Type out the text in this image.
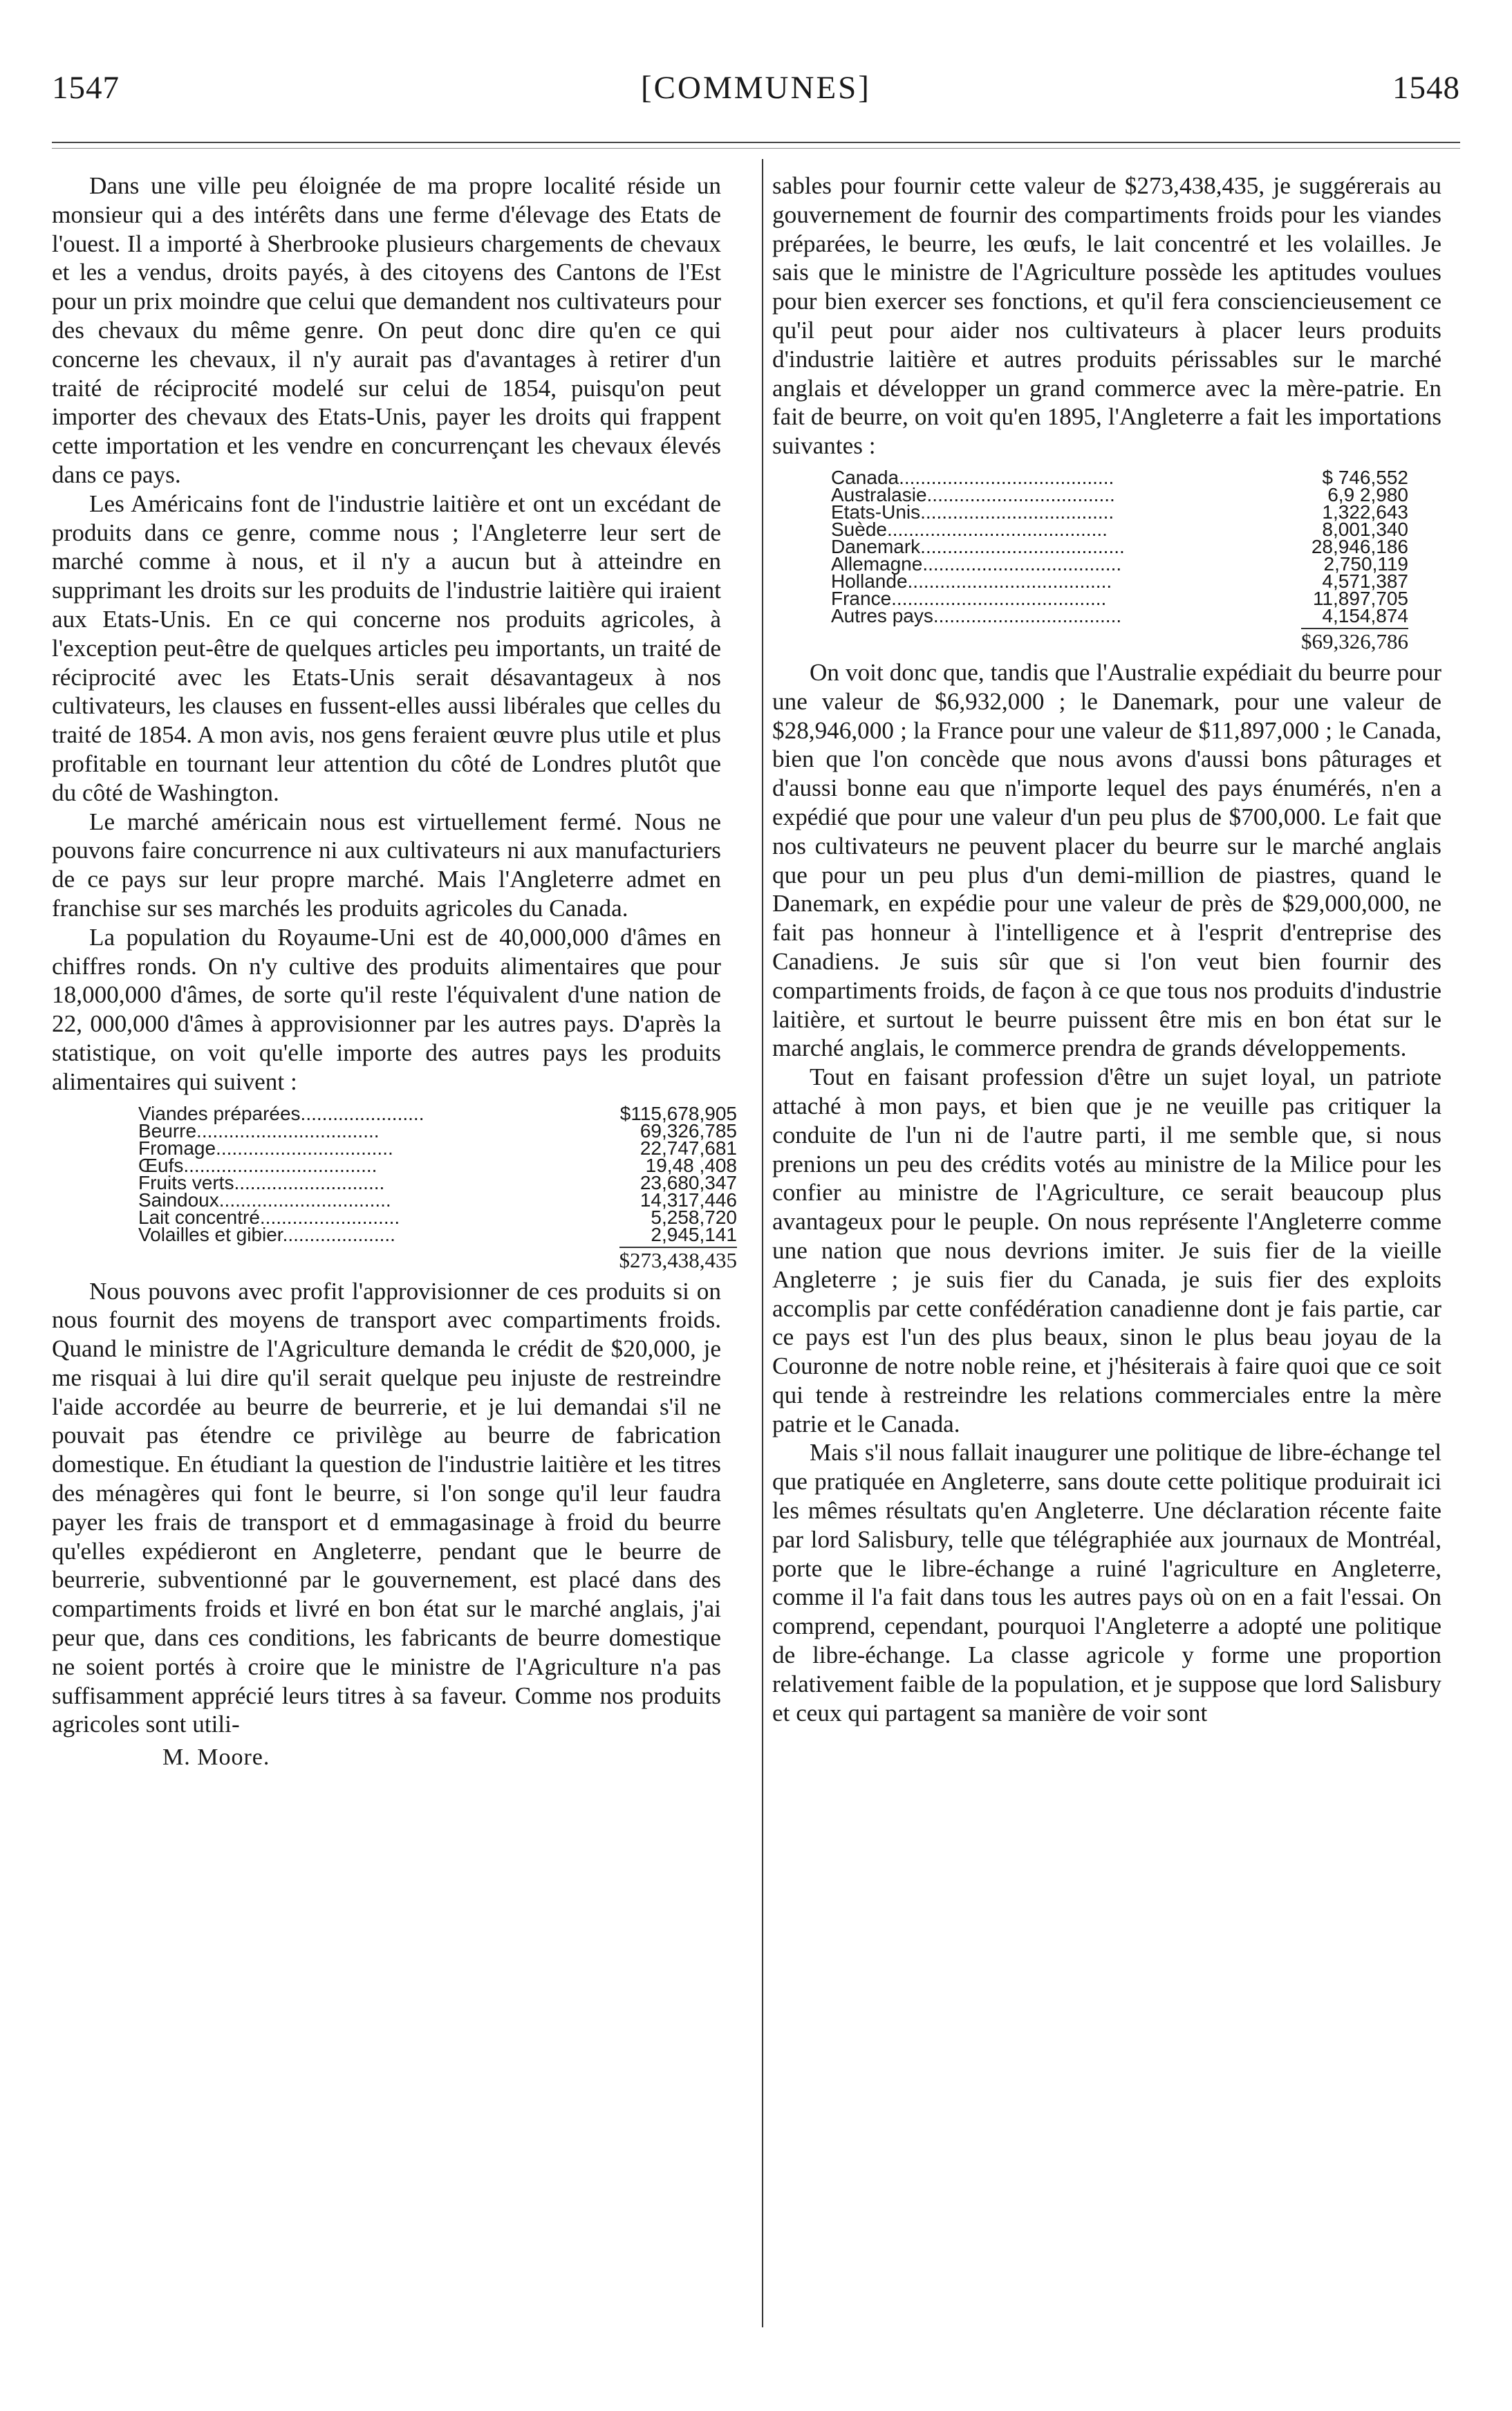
1547	[COMMUNES]	1548

Dans une ville peu éloignée de ma propre localité réside un monsieur qui a des intérêts dans une ferme d'élevage des Etats de l'ouest. Il a importé à Sherbrooke plusieurs chargements de chevaux et les a vendus, droits payés, à des citoyens des Cantons de l'Est pour un prix moindre que celui que demandent nos cultivateurs pour des chevaux du même genre. On peut donc dire qu'en ce qui concerne les chevaux, il n'y aurait pas d'avantages à retirer d'un traité de réciprocité modelé sur celui de 1854, puisqu'on peut importer des chevaux des Etats-Unis, payer les droits qui frappent cette importation et les vendre en concurrençant les chevaux élevés dans ce pays.

Les Américains font de l'industrie laitière et ont un excédant de produits dans ce genre, comme nous ; l'Angleterre leur sert de marché comme à nous, et il n'y a aucun but à atteindre en supprimant les droits sur les produits de l'industrie laitière qui iraient aux Etats-Unis. En ce qui concerne nos produits agricoles, à l'exception peut-être de quelques articles peu importants, un traité de réciprocité avec les Etats-Unis serait désavantageux à nos cultivateurs, les clauses en fussent-elles aussi libérales que celles du traité de 1854. A mon avis, nos gens feraient œuvre plus utile et plus profitable en tournant leur attention du côté de Londres plutôt que du côté de Washington.

Le marché américain nous est virtuellement fermé. Nous ne pouvons faire concurrence ni aux cultivateurs ni aux manufacturiers de ce pays sur leur propre marché. Mais l'Angleterre admet en franchise sur ses marchés les produits agricoles du Canada.

La population du Royaume-Uni est de 40,000,000 d'âmes en chiffres ronds. On n'y cultive des produits alimentaires que pour 18,000,000 d'âmes, de sorte qu'il reste l'équivalent d'une nation de 22, 000,000 d'âmes à approvisionner par les autres pays. D'après la statistique, on voit qu'elle importe des autres pays les produits alimentaires qui suivent :

Viandes préparées.......................	$115,678,905
Beurre..................................	69,326,785
Fromage.................................	22,747,681
Œufs....................................	19,48 ,408
Fruits verts............................	23,680,347
Saindoux................................	14,317,446
Lait concentré..........................	5,258,720
Volailles et gibier.....................	2,945,141
	$273,438,435

Nous pouvons avec profit l'approvisionner de ces produits si on nous fournit des moyens de transport avec compartiments froids. Quand le ministre de l'Agriculture demanda le crédit de $20,000, je me risquai à lui dire qu'il serait quelque peu injuste de restreindre l'aide accordée au beurre de beurrerie, et je lui demandai s'il ne pouvait pas étendre ce privilège au beurre de fabrication domestique. En étudiant la question de l'industrie laitière et les titres des ménagères qui font le beurre, si l'on songe qu'il leur faudra payer les frais de transport et d emmagasinage à froid du beurre qu'elles expédieront en Angleterre, pendant que le beurre de beurrerie, subventionné par le gouvernement, est placé dans des compartiments froids et livré en bon état sur le marché anglais, j'ai peur que, dans ces conditions, les fabricants de beurre domestique ne soient portés à croire que le ministre de l'Agriculture n'a pas suffisamment apprécié leurs titres à sa faveur. Comme nos produits agricoles sont utili-

M. Moore.

sables pour fournir cette valeur de $273,438,435, je suggérerais au gouvernement de fournir des compartiments froids pour les viandes préparées, le beurre, les œufs, le lait concentré et les volailles. Je sais que le ministre de l'Agriculture possède les aptitudes voulues pour bien exercer ses fonctions, et qu'il fera consciencieusement ce qu'il peut pour aider nos cultivateurs à placer leurs produits d'industrie laitière et autres produits périssables sur le marché anglais et développer un grand commerce avec la mère-patrie. En fait de beurre, on voit qu'en 1895, l'Angleterre a fait les importations suivantes :

Canada........................................	$ 746,552
Australasie...................................	6,9 2,980
Etats-Unis....................................	1,322,643
Suède.........................................	8,001,340
Danemark......................................	28,946,186
Allemagne.....................................	2,750,119
Hollande......................................	4,571,387
France........................................	11,897,705
Autres pays...................................	4,154,874
	$69,326,786

On voit donc que, tandis que l'Australie expédiait du beurre pour une valeur de $6,932,000 ; le Danemark, pour une valeur de $28,946,000 ; la France pour une valeur de $11,897,000 ; le Canada, bien que l'on concède que nous avons d'aussi bons pâturages et d'aussi bonne eau que n'importe lequel des pays énumérés, n'en a expédié que pour une valeur d'un peu plus de $700,000. Le fait que nos cultivateurs ne peuvent placer du beurre sur le marché anglais que pour un peu plus d'un demi-million de piastres, quand le Danemark, en expédie pour une valeur de près de $29,000,000, ne fait pas honneur à l'intelligence et à l'esprit d'entreprise des Canadiens. Je suis sûr que si l'on veut bien fournir des compartiments froids, de façon à ce que tous nos produits d'industrie laitière, et surtout le beurre puissent être mis en bon état sur le marché anglais, le commerce prendra de grands développements.

Tout en faisant profession d'être un sujet loyal, un patriote attaché à mon pays, et bien que je ne veuille pas critiquer la conduite de l'un ni de l'autre parti, il me semble que, si nous prenions un peu des crédits votés au ministre de la Milice pour les confier au ministre de l'Agriculture, ce serait beaucoup plus avantageux pour le peuple. On nous représente l'Angleterre comme une nation que nous devrions imiter. Je suis fier de la vieille Angleterre ; je suis fier du Canada, je suis fier des exploits accomplis par cette confédération canadienne dont je fais partie, car ce pays est l'un des plus beaux, sinon le plus beau joyau de la Couronne de notre noble reine, et j'hésiterais à faire quoi que ce soit qui tende à restreindre les relations commerciales entre la mère patrie et le Canada.

Mais s'il nous fallait inaugurer une politique de libre-échange tel que pratiquée en Angleterre, sans doute cette politique produirait ici les mêmes résultats qu'en Angleterre. Une déclaration récente faite par lord Salisbury, telle que télégraphiée aux journaux de Montréal, porte que le libre-échange a ruiné l'agriculture en Angleterre, comme il l'a fait dans tous les autres pays où on en a fait l'essai. On comprend, cependant, pourquoi l'Angleterre a adopté une politique de libre-échange. La classe agricole y forme une proportion relativement faible de la population, et je suppose que lord Salisbury et ceux qui partagent sa manière de voir sont
